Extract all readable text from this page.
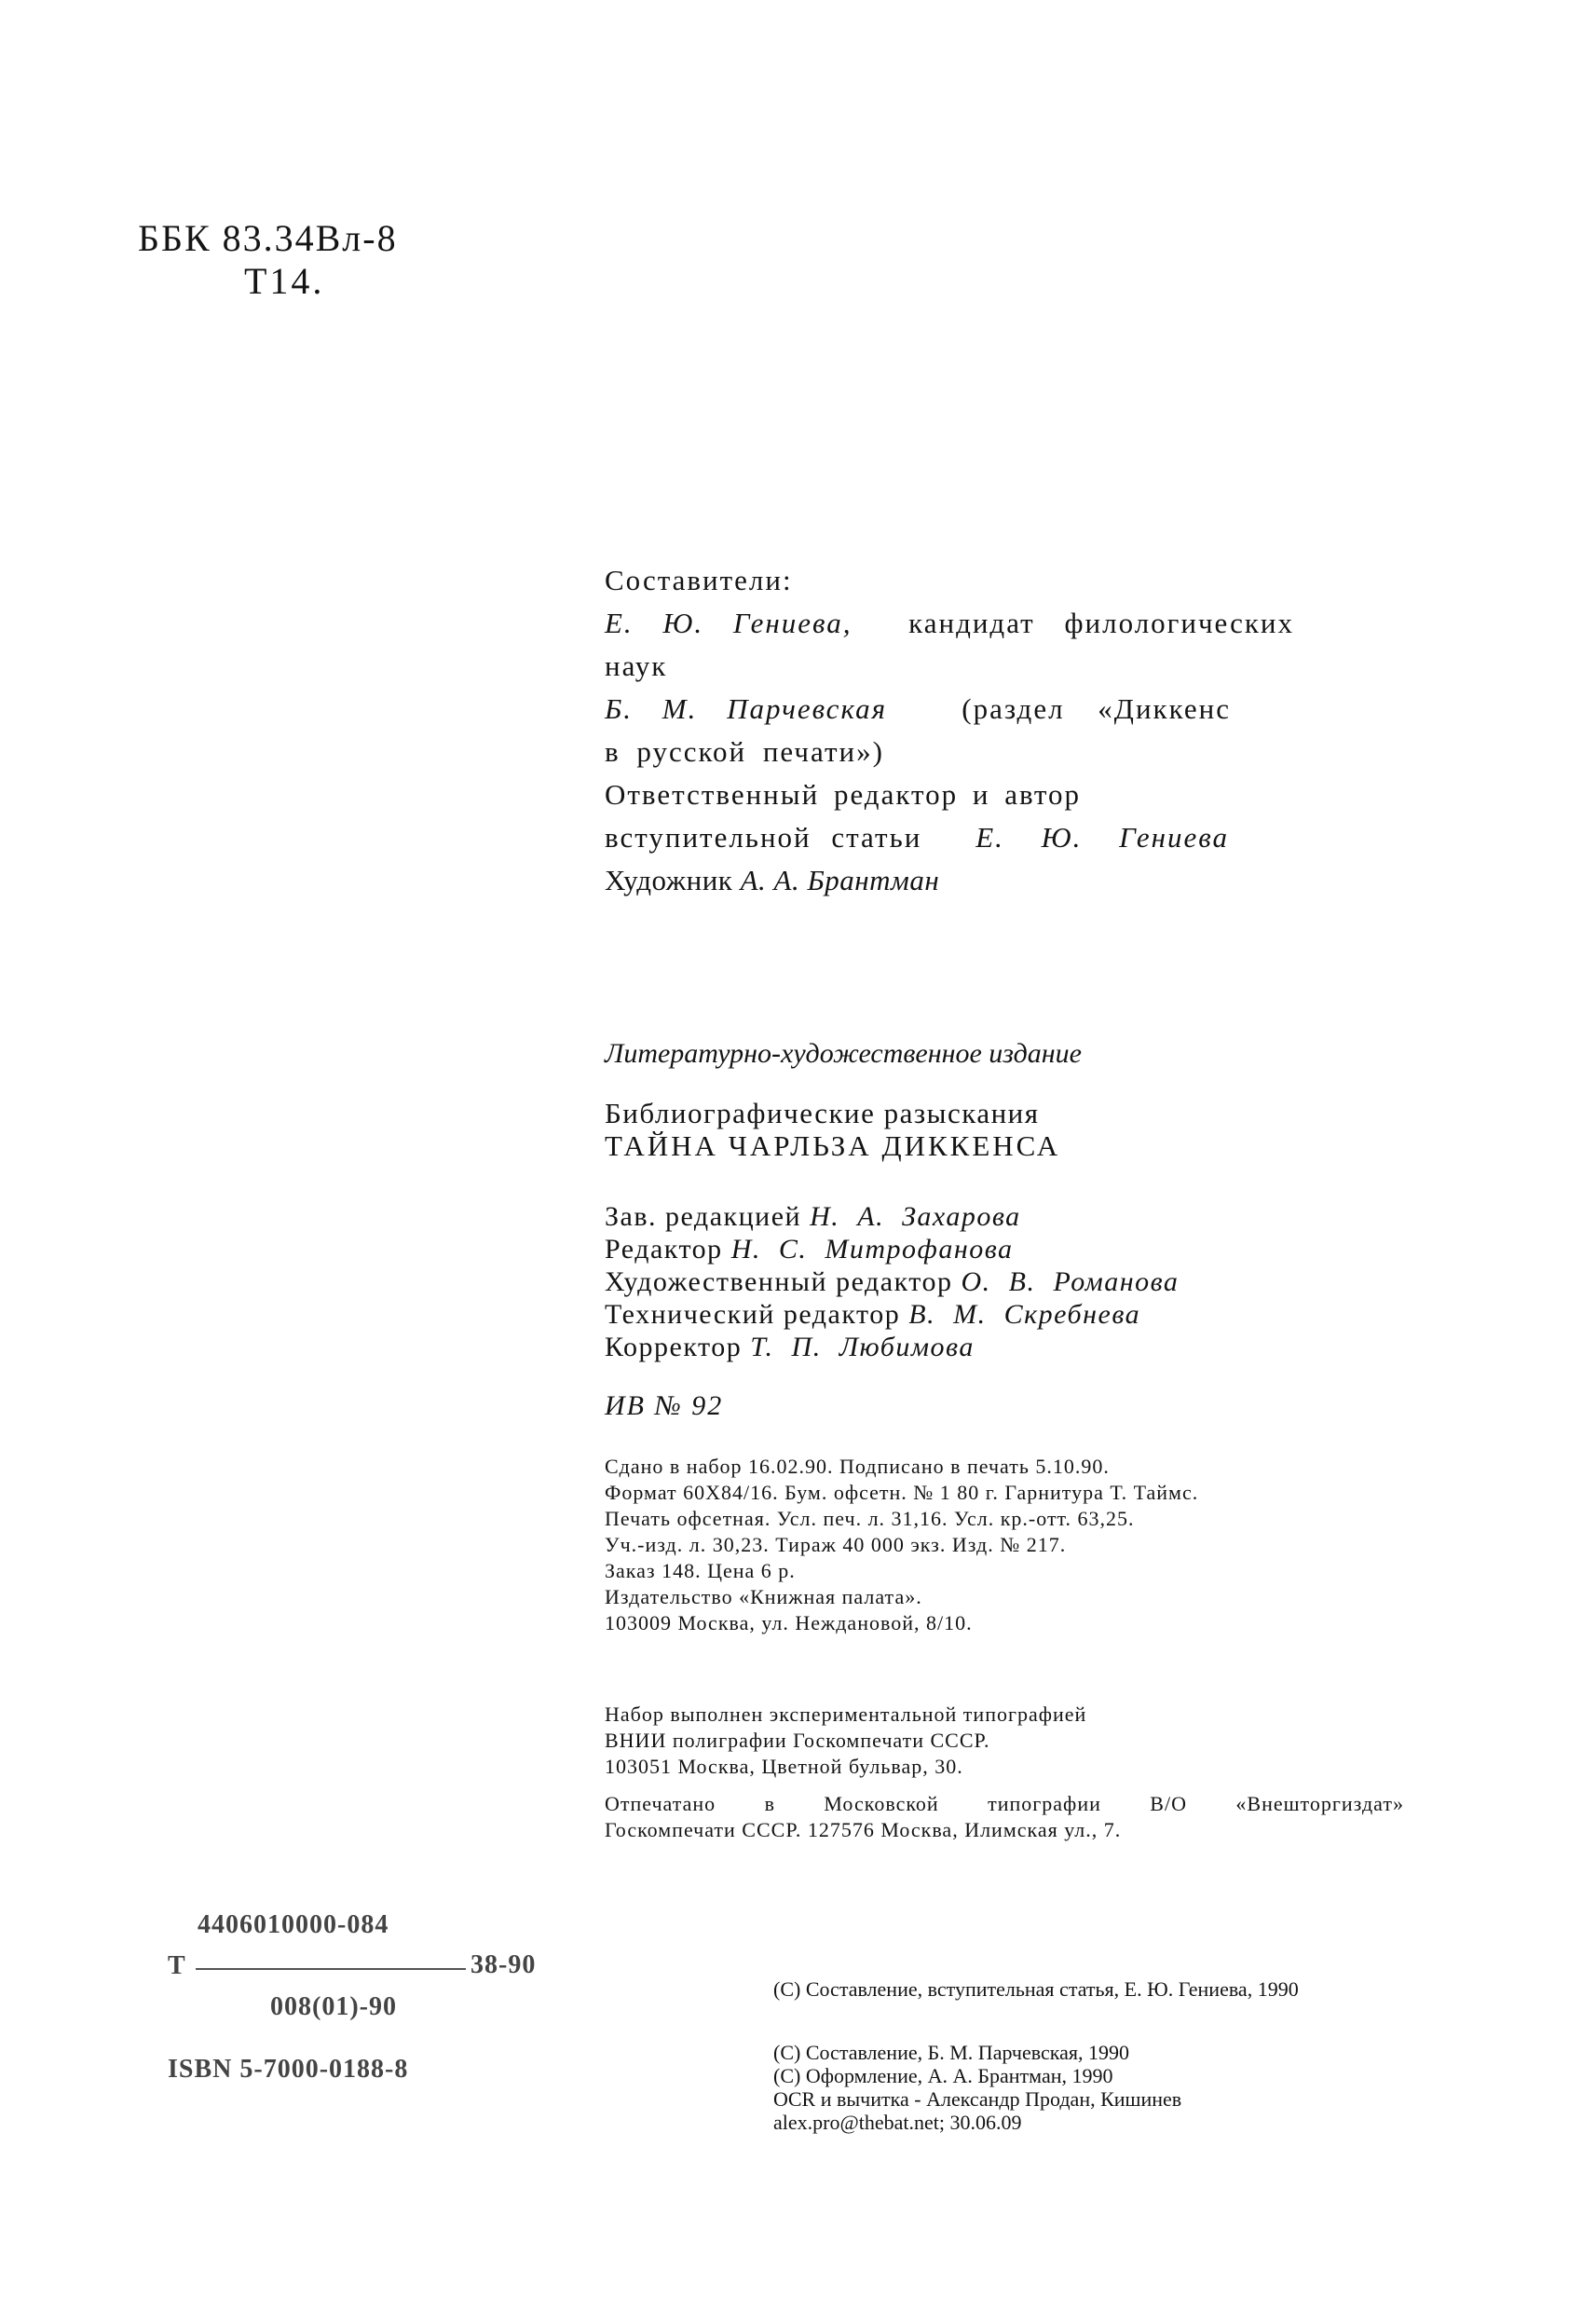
ББК 83.34Вл-8
Т14.
Составители:
Е. Ю. Гениева, кандидат филологических
наук
Б. М. Парчевская	(раздел «Диккенс
в русской печати»)
Ответственный редактор и автор
вступительной статьи Е. Ю. Гениева
Художник А. А. Брантман
Литературно-художественное издание
Библиографические разыскания
ТАЙНА ЧАРЛЬЗА ДИККЕНСА
Зав. редакцией Н. А. Захарова
Редактор Н. С. Митрофанова
Художественный редактор О. В. Романова
Технический редактор В. М. Скребнева
Корректор Т. П. Любимова
ИВ № 92
Сдано в набор 16.02.90. Подписано в печать 5.10.90.
Формат 60Х84/16. Бум. офсетн. № 1 80 г. Гарнитура Т. Таймс.
Печать офсетная. Усл. печ. л. 31,16. Усл. кр.-отт. 63,25.
Уч.-изд. л. 30,23. Тираж 40 000 экз. Изд. № 217.
Заказ 148. Цена 6 р.
Издательство «Книжная палата».
103009 Москва, ул. Неждановой, 8/10.
Набор выполнен экспериментальной типографией
ВНИИ полиграфии Госкомпечати СССР.
103051 Москва, Цветной бульвар, 30.
Отпечатано в Московской типографии В/О «Внешторгиздат»
Госкомпечати СССР. 127576 Москва, Илимская ул., 7.
4406010000-084
Т	38-90
008(01)-90
ISBN 5-7000-0188-8
(С) Составление, вступительная статья, Е. Ю. Гениева, 1990
(С) Составление, Б. М. Парчевская, 1990
(С) Оформление, А. А. Брантман, 1990
OCR и вычитка - Александр Продан, Кишинев
alex.pro@thebat.net; 30.06.09
